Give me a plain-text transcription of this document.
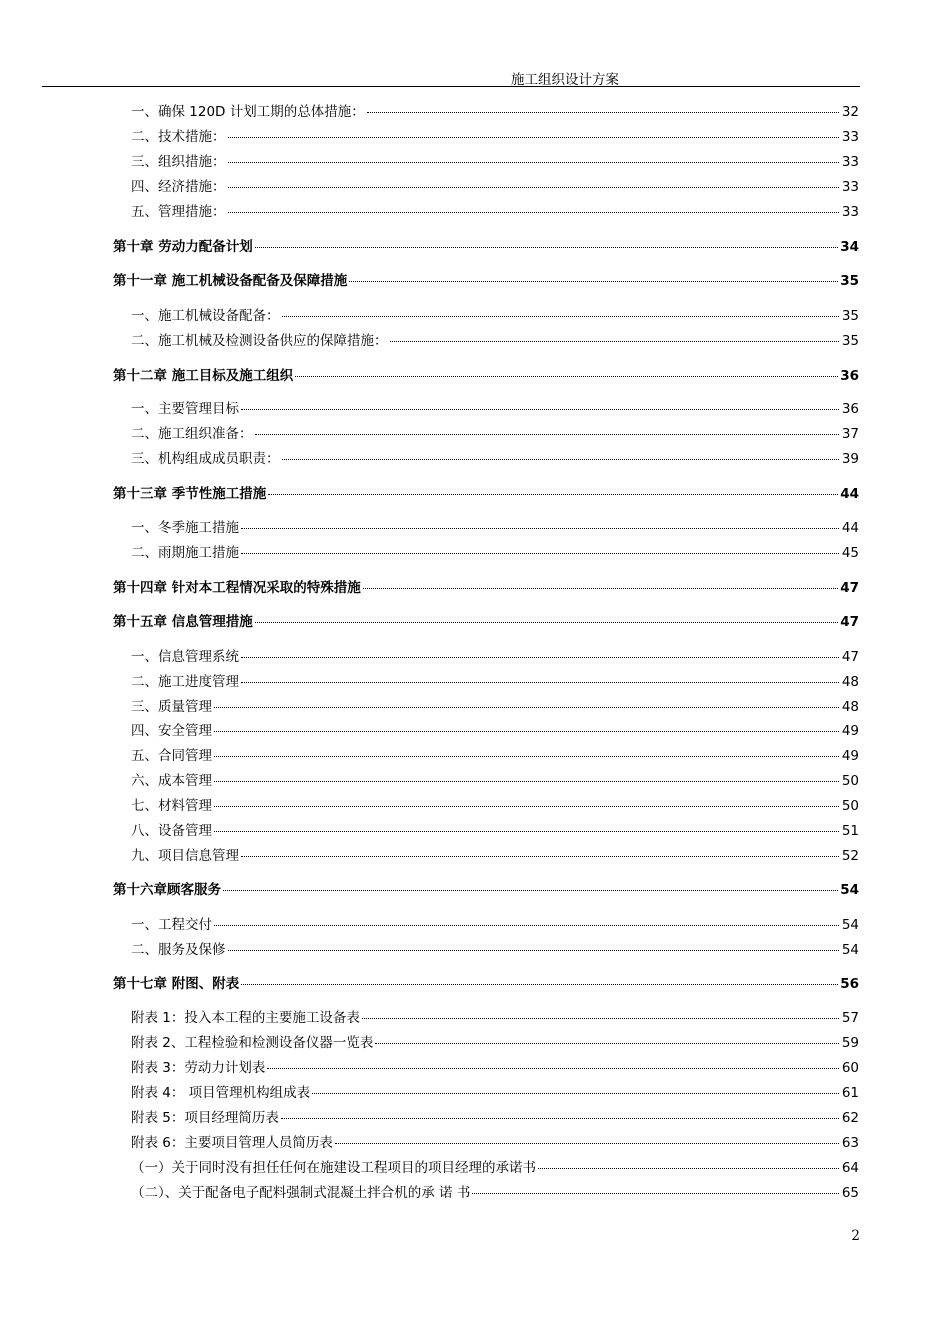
施工组织设计方案
一、确保 120D 计划工期的总体措施：	32
二、技术措施：	33
三、组织措施：	33
四、经济措施：	33
五、管理措施：	33
第十章 劳动力配备计划	34
第十一章 施工机械设备配备及保障措施	35
一、施工机械设备配备：	35
二、施工机械及检测设备供应的保障措施：	35
第十二章 施工目标及施工组织	36
一、主要管理目标	36
二、施工组织准备：	37
三、机构组成成员职责：	39
第十三章 季节性施工措施	44
一、冬季施工措施	44
二、雨期施工措施	45
第十四章 针对本工程情况采取的特殊措施	47
第十五章 信息管理措施	47
一、信息管理系统	47
二、施工进度管理	48
三、质量管理	48
四、安全管理	49
五、合同管理	49
六、成本管理	50
七、材料管理	50
八、设备管理	51
九、项目信息管理	52
第十六章顾客服务	54
一、工程交付	54
二、服务及保修	54
第十七章 附图、附表	56
附表 1：投入本工程的主要施工设备表	57
附表 2、工程检验和检测设备仪器一览表	59
附表 3：劳动力计划表	60
附表 4： 项目管理机构组成表	61
附表 5：项目经理简历表	62
附表 6：主要项目管理人员简历表	63
（一）关于同时没有担任任何在施建设工程项目的项目经理的承诺书	64
（二）、关于配备电子配料强制式混凝土拌合机的承 诺 书	65
2
